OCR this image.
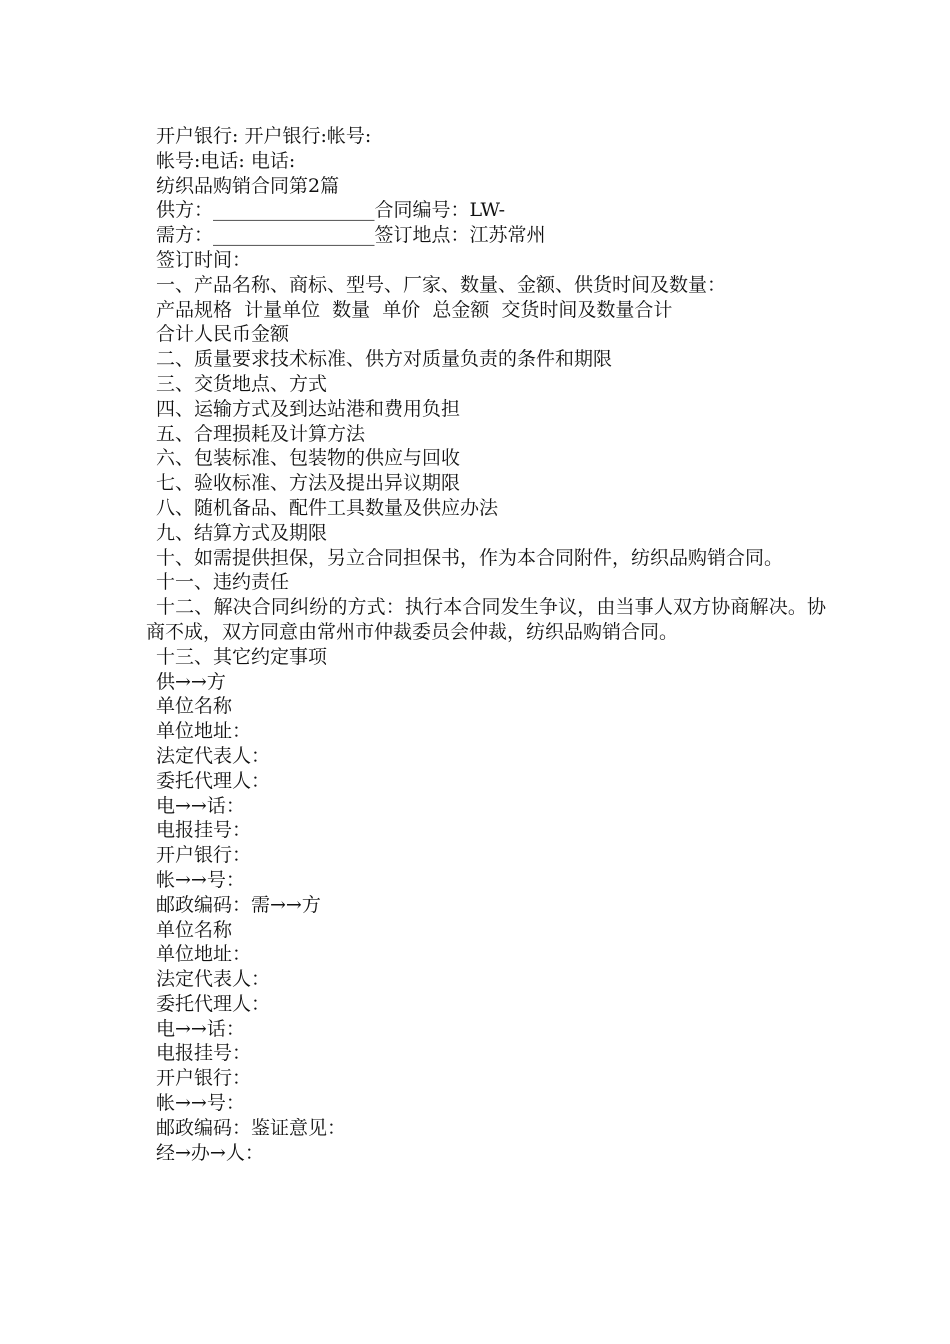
开户银行: 开户银行:帐号:
帐号:电话: 电话:
纺织品购销合同第2篇
供方：_________________合同编号：LW-
需方：_________________签订地点：江苏常州
签订时间：
一、产品名称、商标、型号、厂家、数量、金额、供货时间及数量：
产品规格  计量单位  数量  单价  总金额  交货时间及数量合计
合计人民币金额
二、质量要求技术标准、供方对质量负责的条件和期限
三、交货地点、方式
四、运输方式及到达站港和费用负担
五、合理损耗及计算方法
六、包装标准、包装物的供应与回收
七、验收标准、方法及提出异议期限
八、随机备品、配件工具数量及供应办法
九、结算方式及期限
十、如需提供担保，另立合同担保书，作为本合同附件，纺织品购销合同。
十一、违约责任
十二、解决合同纠纷的方式：执行本合同发生争议，由当事人双方协商解决。协商不成，双方同意由常州市仲裁委员会仲裁，纺织品购销合同。
十三、其它约定事项
供→→方
单位名称
单位地址：
法定代表人：
委托代理人：
电→→话：
电报挂号：
开户银行：
帐→→号：
邮政编码：需→→方
单位名称
单位地址：
法定代表人：
委托代理人：
电→→话：
电报挂号：
开户银行：
帐→→号：
邮政编码：鉴证意见：
经→办→人：
